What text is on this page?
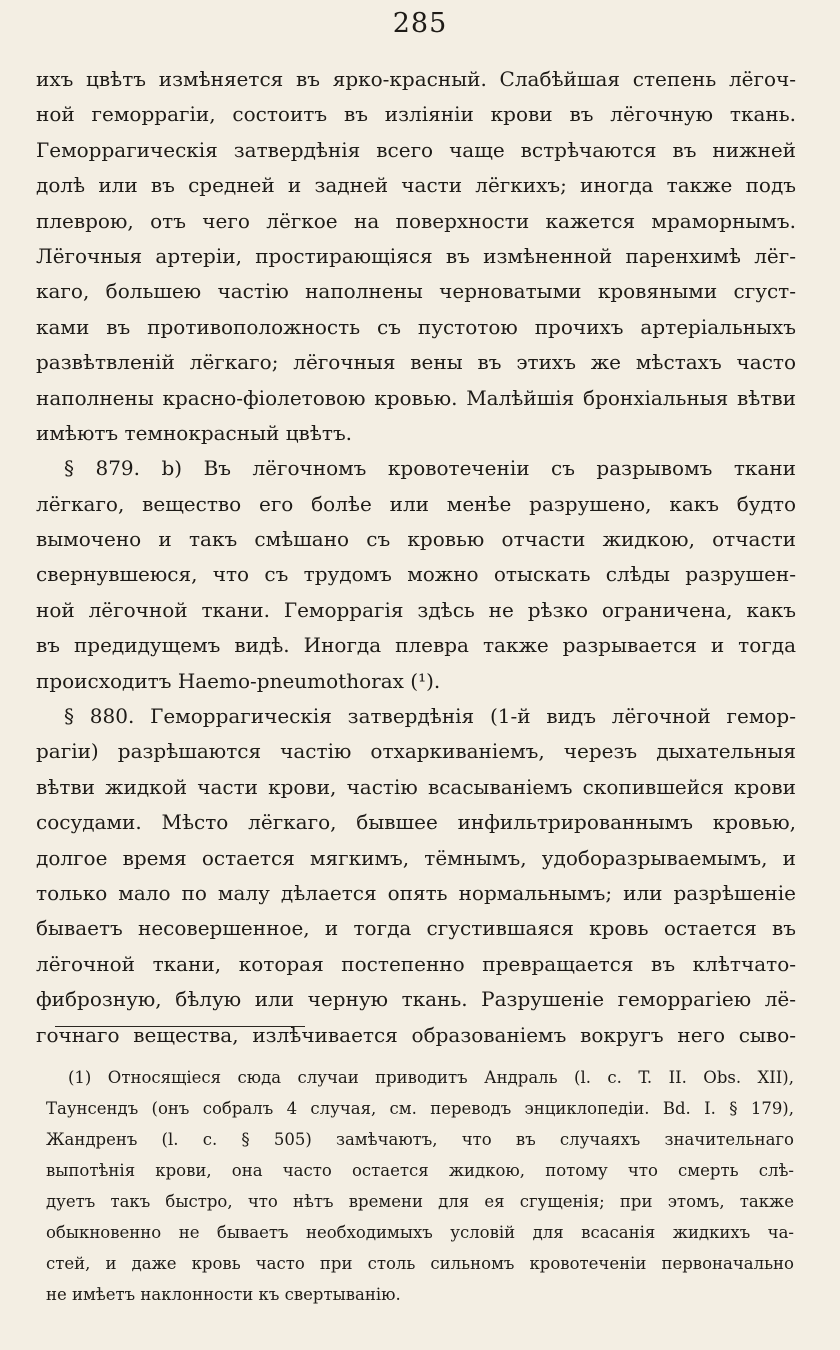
285
ихъ цвѣтъ измѣняется въ ярко-красный. Слабѣйшая степень лёгоч-
ной геморрагіи, состоитъ въ изліяніи крови въ лёгочную ткань.
Геморрагическія затвердѣнія всего чаще встрѣчаются въ нижней
долѣ или въ средней и задней части лёгкихъ; иногда также подъ
плеврою, отъ чего лёгкое на поверхности кажется мраморнымъ.
Лёгочныя артеріи, простирающіяся въ измѣненной паренхимѣ лёг-
каго, большею частію наполнены черноватыми кровяными сгуст-
ками въ противоположность съ пустотою прочихъ артеріальныхъ
развѣтвленій лёгкаго; лёгочныя вены въ этихъ же мѣстахъ часто
наполнены красно-фіолетовою кровью. Малѣйшія бронхіальныя вѣтви
имѣютъ темнокрасный цвѣтъ.
§ 879. b) Въ лёгочномъ кровотеченіи съ разрывомъ ткани
лёгкаго, вещество его болѣе или менѣе разрушено, какъ будто
вымочено и такъ смѣшано съ кровью отчасти жидкою, отчасти
свернувшеюся, что съ трудомъ можно отыскать слѣды разрушен-
ной лёгочной ткани. Геморрагія здѣсь не рѣзко ограничена, какъ
въ предидущемъ видѣ. Иногда плевра также разрывается и тогда
происходитъ Haemo-pneumothorax (¹).
§ 880. Геморрагическія затвердѣнія (1-й видъ лёгочной гемор-
рагіи) разрѣшаются частію отхаркиваніемъ, черезъ дыхательныя
вѣтви жидкой части крови, частію всасываніемъ скопившейся крови
сосудами. Мѣсто лёгкаго, бывшее инфильтрированнымъ кровью,
долгое время остается мягкимъ, тёмнымъ, удоборазрываемымъ, и
только мало по малу дѣлается опять нормальнымъ; или разрѣшеніе
бываетъ несовершенное, и тогда сгустившаяся кровь остается въ
лёгочной ткани, которая постепенно превращается въ клѣтчато-
фиброзную, бѣлую или черную ткань. Разрушеніе геморрагіею лё-
гочнаго вещества, излѣчивается образованіемъ вокругъ него сыво-
(1) Относящіеся сюда случаи приводитъ Андраль (l. c. T. II. Obs. XII),
Таунсендъ (онъ собралъ 4 случая, см. переводъ энциклопедіи. Bd. I. § 179),
Жандренъ (l. c. § 505) замѣчаютъ, что въ случаяхъ значительнаго
выпотѣнія крови, она часто остается жидкою, потому что смерть слѣ-
дуетъ такъ быстро, что нѣтъ времени для ея сгущенія; при этомъ, также
обыкновенно не бываетъ необходимыхъ условій для всасанія жидкихъ ча-
стей, и даже кровь часто при столь сильномъ кровотеченіи первоначально
не имѣетъ наклонности къ свертыванію.
